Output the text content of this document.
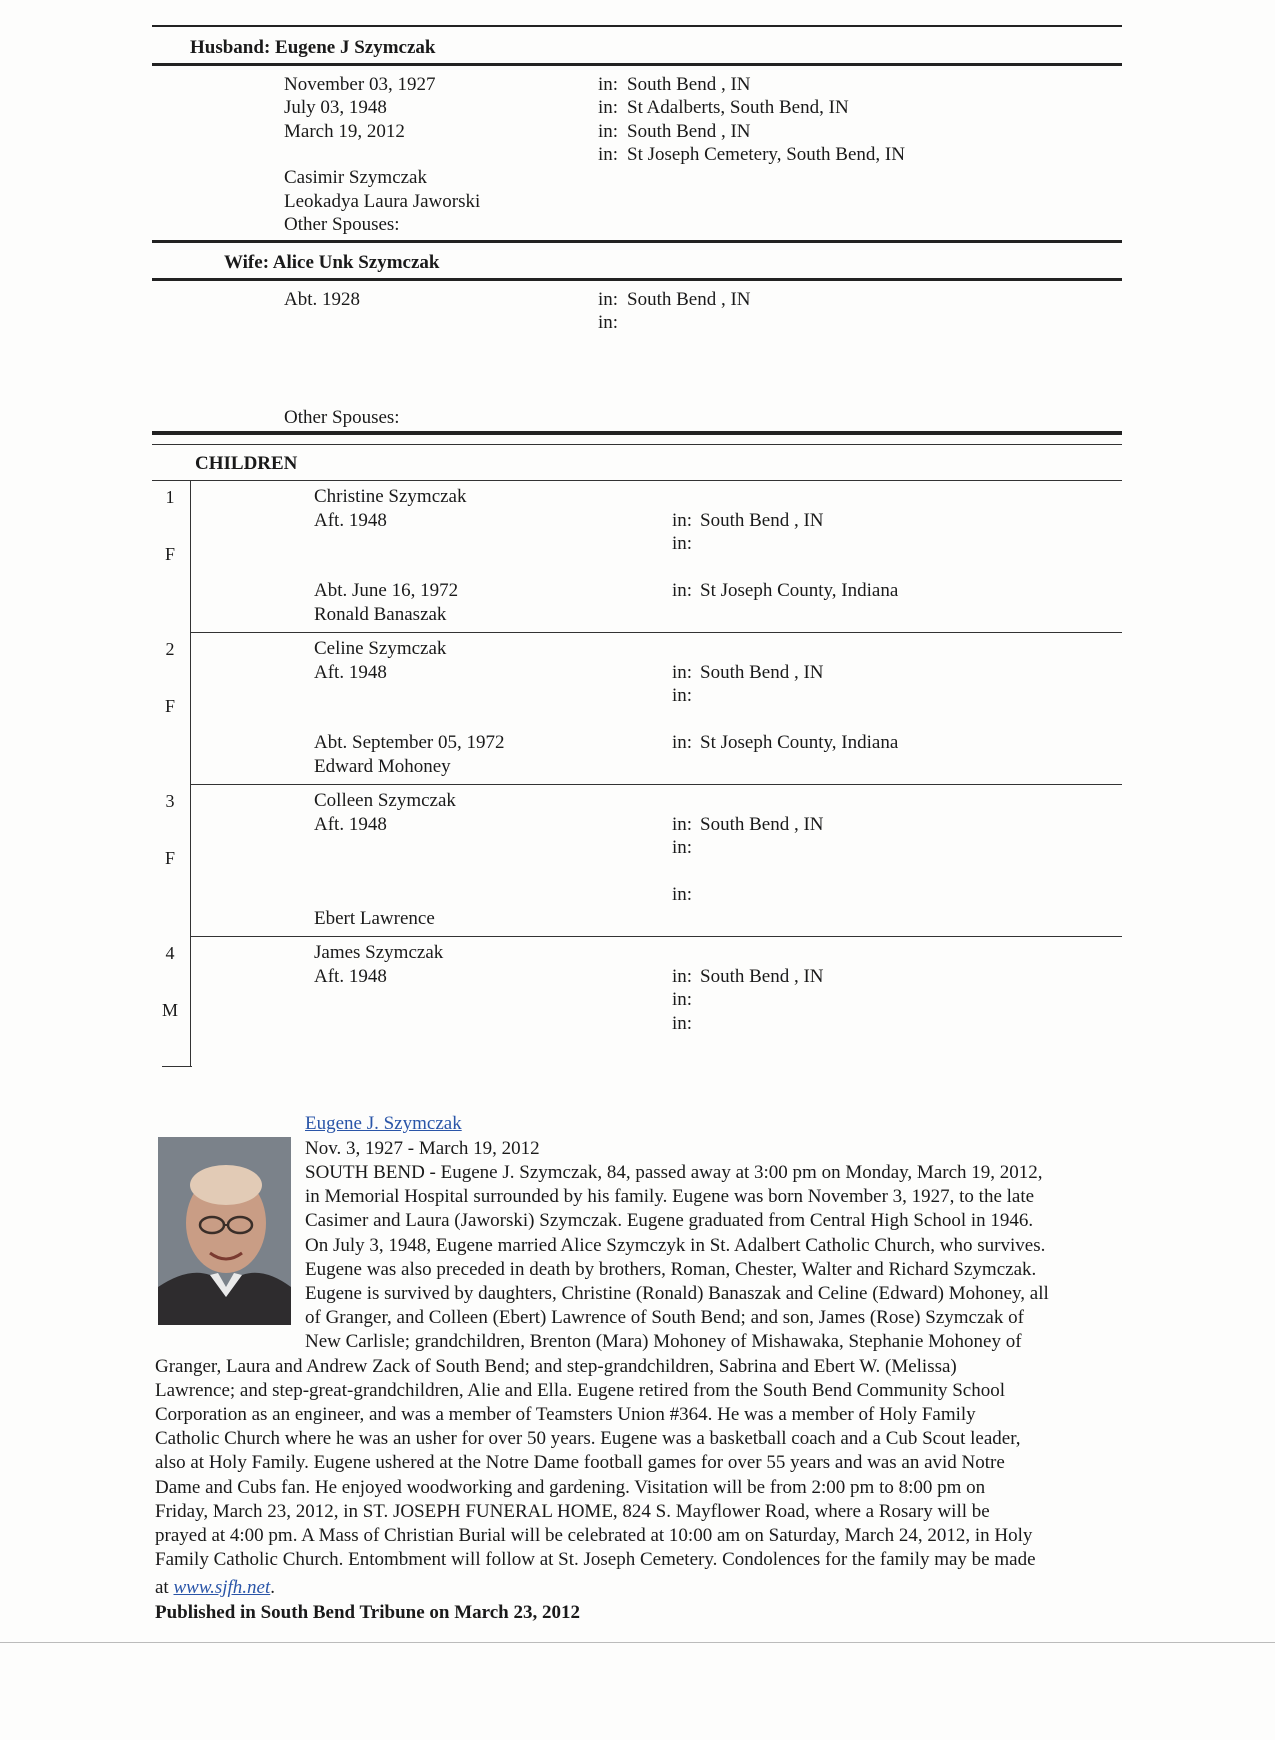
Husband: Eugene J Szymczak
November 03, 1927	in: South Bend , IN
July 03, 1948	in: St Adalberts, South Bend, IN
March 19, 2012	in: South Bend , IN
in: St Joseph Cemetery, South Bend, IN
Casimir Szymczak
Leokadya Laura Jaworski
Other Spouses:
Wife: Alice Unk Szymczak
Abt. 1928	in: South Bend , IN
in:
Other Spouses:
CHILDREN
1
F
Christine Szymczak
Aft. 1948	in: South Bend , IN
in:
Abt. June 16, 1972	in: St Joseph County, Indiana
Ronald Banaszak
2
F
Celine Szymczak
Aft. 1948	in: South Bend , IN
in:
Abt. September 05, 1972	in: St Joseph County, Indiana
Edward Mohoney
3
F
Colleen Szymczak
Aft. 1948	in: South Bend , IN
in:
in:
Ebert Lawrence
4
M
James Szymczak
Aft. 1948	in: South Bend , IN
in:
in:
Eugene J. Szymczak
Nov. 3, 1927 - March 19, 2012
SOUTH BEND - Eugene J. Szymczak, 84, passed away at 3:00 pm on Monday, March 19, 2012,
in Memorial Hospital surrounded by his family. Eugene was born November 3, 1927, to the late
Casimer and Laura (Jaworski) Szymczak. Eugene graduated from Central High School in 1946.
On July 3, 1948, Eugene married Alice Szymczyk in St. Adalbert Catholic Church, who survives.
Eugene was also preceded in death by brothers, Roman, Chester, Walter and Richard Szymczak.
Eugene is survived by daughters, Christine (Ronald) Banaszak and Celine (Edward) Mohoney, all
of Granger, and Colleen (Ebert) Lawrence of South Bend; and son, James (Rose) Szymczak of
New Carlisle; grandchildren, Brenton (Mara) Mohoney of Mishawaka, Stephanie Mohoney of
Granger, Laura and Andrew Zack of South Bend; and step-grandchildren, Sabrina and Ebert W. (Melissa)
Lawrence; and step-great-grandchildren, Alie and Ella. Eugene retired from the South Bend Community School
Corporation as an engineer, and was a member of Teamsters Union #364. He was a member of Holy Family
Catholic Church where he was an usher for over 50 years. Eugene was a basketball coach and a Cub Scout leader,
also at Holy Family. Eugene ushered at the Notre Dame football games for over 55 years and was an avid Notre
Dame and Cubs fan. He enjoyed woodworking and gardening. Visitation will be from 2:00 pm to 8:00 pm on
Friday, March 23, 2012, in ST. JOSEPH FUNERAL HOME, 824 S. Mayflower Road, where a Rosary will be
prayed at 4:00 pm. A Mass of Christian Burial will be celebrated at 10:00 am on Saturday, March 24, 2012, in Holy
Family Catholic Church. Entombment will follow at St. Joseph Cemetery. Condolences for the family may be made
at www.sjfh.net.
Published in South Bend Tribune on March 23, 2012
